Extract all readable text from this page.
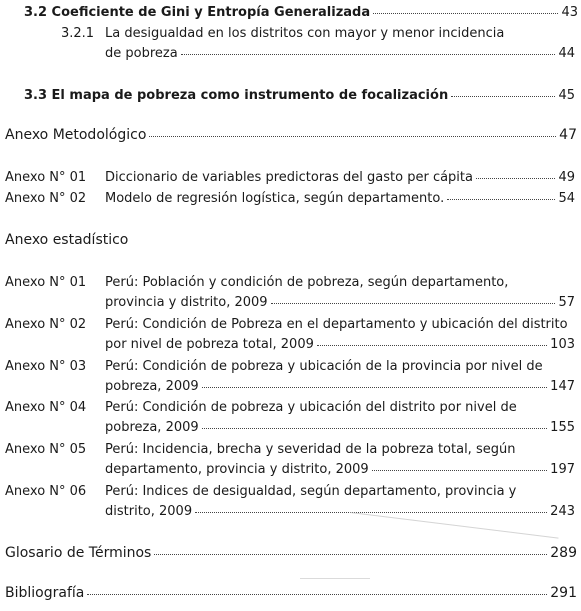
3.2 Coeficiente de Gini y Entropía Generalizada	43
3.2.1 La desigualdad en los distritos con mayor y menor incidencia
de pobreza	44
3.3 El mapa de pobreza como instrumento de focalización	45
Anexo Metodológico	47
Anexo N° 01 Diccionario de variables predictoras del gasto per cápita	49
Anexo N° 02 Modelo de regresión logística, según departamento.	54
Anexo estadístico
Anexo N° 01 Perú: Población y condición de pobreza, según departamento,
provincia y distrito, 2009	57
Anexo N° 02 Perú: Condición de Pobreza en el departamento y ubicación del distrito
por nivel de pobreza total, 2009	103
Anexo N° 03 Perú: Condición de pobreza y ubicación de la provincia por nivel de
pobreza, 2009	147
Anexo N° 04 Perú: Condición de pobreza y ubicación del distrito por nivel de
pobreza, 2009	155
Anexo N° 05 Perú: Incidencia, brecha y severidad de la pobreza total, según
departamento, provincia y distrito, 2009	197
Anexo N° 06 Perú: Indices de desigualdad, según departamento, provincia y
distrito, 2009	243
Glosario de Términos	289
Bibliografía	291
